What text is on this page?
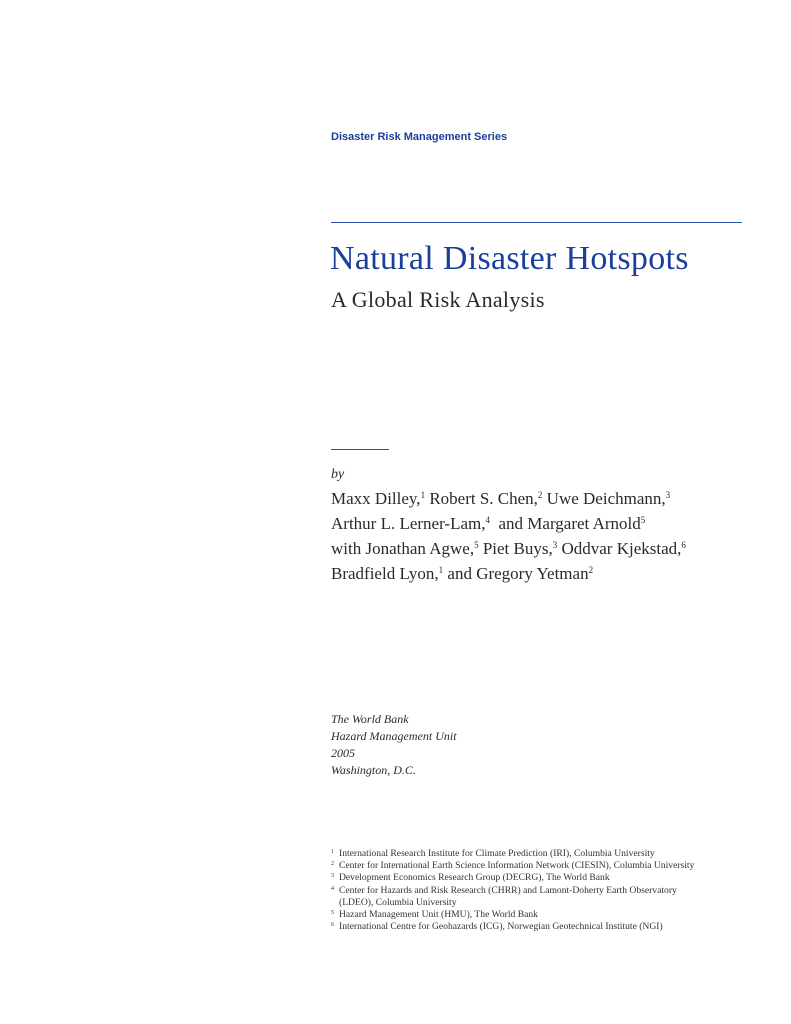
Disaster Risk Management Series
Natural Disaster Hotspots
A Global Risk Analysis
by
Maxx Dilley,$^1$ Robert S. Chen,$^2$ Uwe Deichmann,$^3$
Arthur L. Lerner-Lam,$^4$  and Margaret Arnold$^5$
with Jonathan Agwe,$^5$ Piet Buys,$^3$ Oddvar Kjekstad,$^6$
Bradfield Lyon,$^1$ and Gregory Yetman$^2$
The World Bank
Hazard Management Unit
2005
Washington, D.C.
1 International Research Institute for Climate Prediction (IRI), Columbia University
2 Center for International Earth Science Information Network (CIESIN), Columbia University
3 Development Economics Research Group (DECRG), The World Bank
4 Center for Hazards and Risk Research (CHRR) and Lamont-Doherty Earth Observatory
(LDEO), Columbia University
5 Hazard Management Unit (HMU), The World Bank
6 International Centre for Geohazards (ICG), Norwegian Geotechnical Institute (NGI)
